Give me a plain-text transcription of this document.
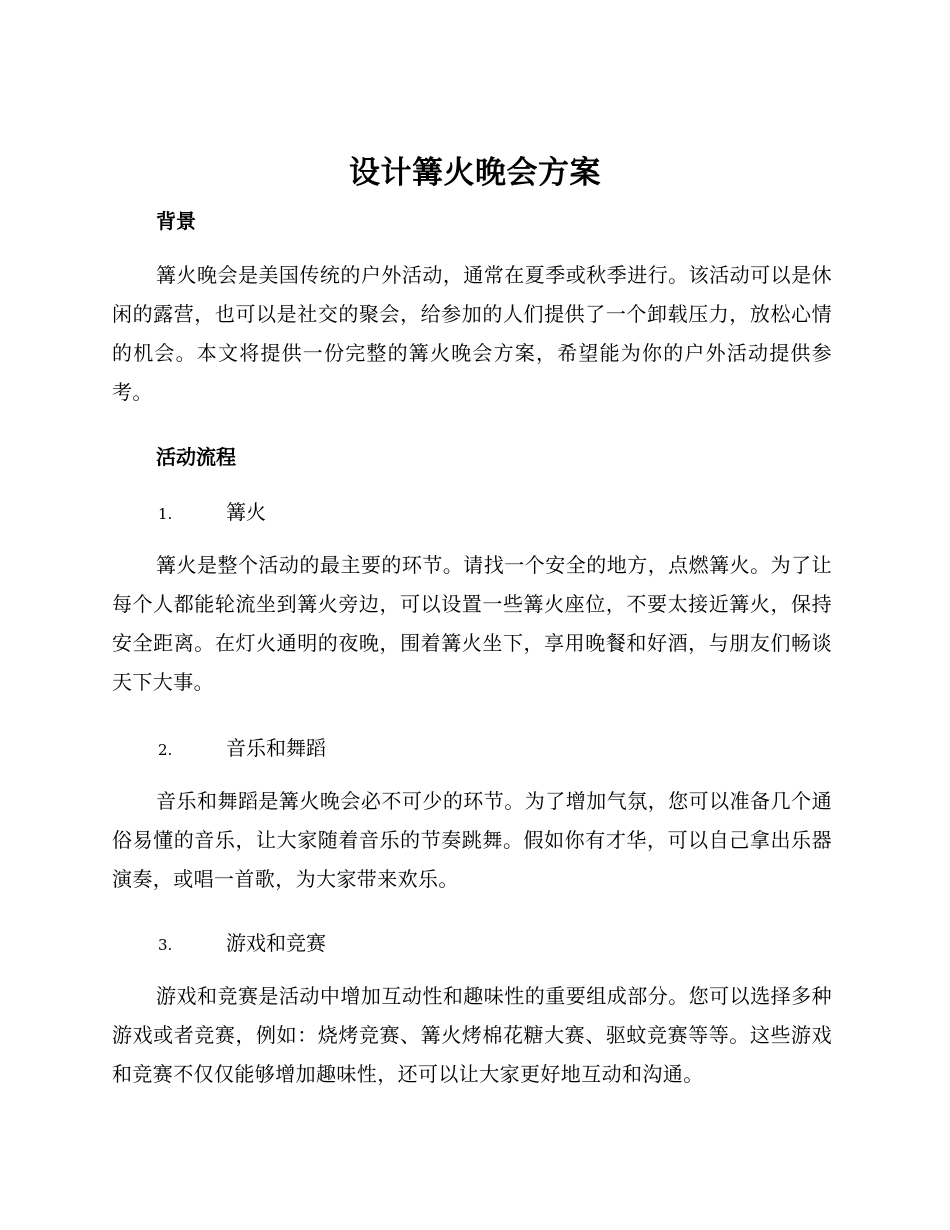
设计篝火晚会方案
背景

篝火晚会是美国传统的户外活动，通常在夏季或秋季进行。该活动可以是休闲的露营，也可以是社交的聚会，给参加的人们提供了一个卸载压力，放松心情的机会。本文将提供一份完整的篝火晚会方案，希望能为你的户外活动提供参考。

活动流程
1.	篝火

篝火是整个活动的最主要的环节。请找一个安全的地方，点燃篝火。为了让每个人都能轮流坐到篝火旁边，可以设置一些篝火座位，不要太接近篝火，保持安全距离。在灯火通明的夜晚，围着篝火坐下，享用晚餐和好酒，与朋友们畅谈天下大事。

2.	音乐和舞蹈

音乐和舞蹈是篝火晚会必不可少的环节。为了增加气氛，您可以准备几个通俗易懂的音乐，让大家随着音乐的节奏跳舞。假如你有才华，可以自己拿出乐器演奏，或唱一首歌，为大家带来欢乐。

3.	游戏和竞赛

游戏和竞赛是活动中增加互动性和趣味性的重要组成部分。您可以选择多种游戏或者竞赛，例如：烧烤竞赛、篝火烤棉花糖大赛、驱蚊竞赛等等。这些游戏和竞赛不仅仅能够增加趣味性，还可以让大家更好地互动和沟通。
